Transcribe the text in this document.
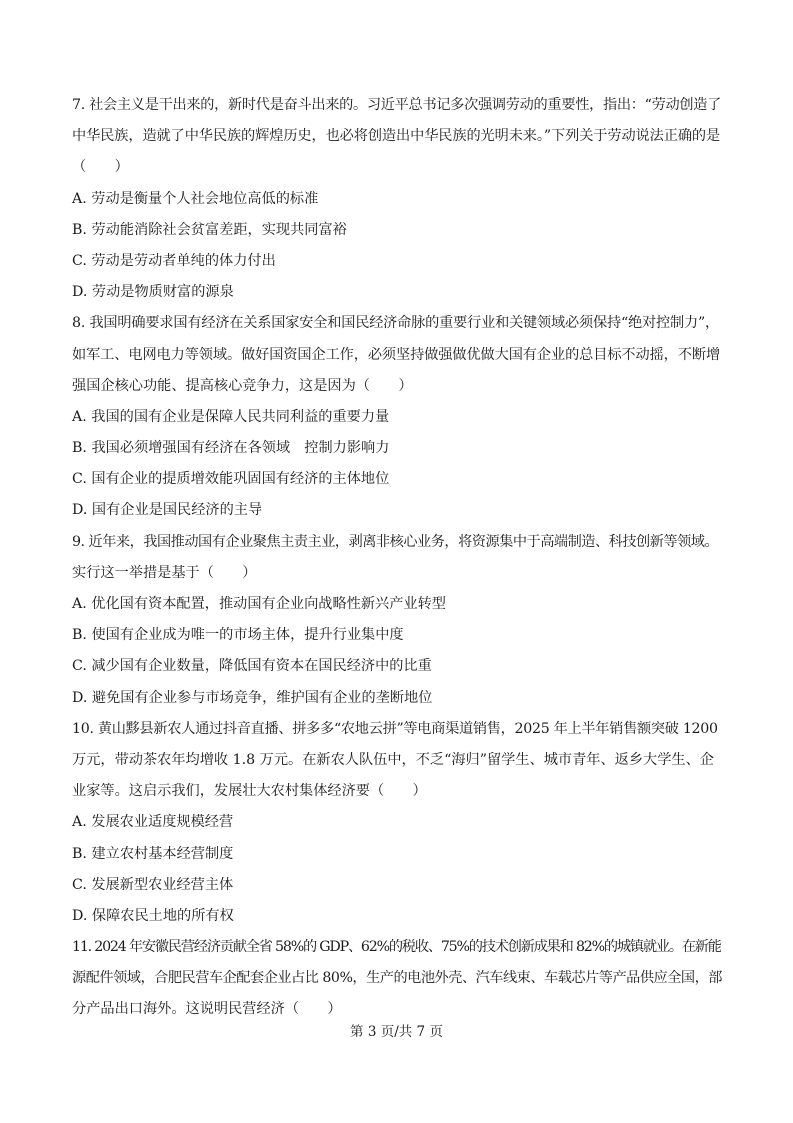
7. 社会主义是干出来的，新时代是奋斗出来的。习近平总书记多次强调劳动的重要性，指出：“劳动创造了
中华民族，造就了中华民族的辉煌历史，也必将创造出中华民族的光明未来。”下列关于劳动说法正确的是
（　　）
A. 劳动是衡量个人社会地位高低的标准
B. 劳动能消除社会贫富差距，实现共同富裕
C. 劳动是劳动者单纯的体力付出
D. 劳动是物质财富的源泉
8. 我国明确要求国有经济在关系国家安全和国民经济命脉的重要行业和关键领域必须保持“绝对控制力”，
如军工、电网电力等领域。做好国资国企工作，必须坚持做强做优做大国有企业的总目标不动摇，不断增
强国企核心功能、提高核心竞争力，这是因为（　　）
A. 我国的国有企业是保障人民共同利益的重要力量
B. 我国必须增强国有经济在各领域　控制力影响力
C. 国有企业的提质增效能巩固国有经济的主体地位
D. 国有企业是国民经济的主导
9. 近年来，我国推动国有企业聚焦主责主业，剥离非核心业务，将资源集中于高端制造、科技创新等领域。
实行这一举措是基于（　　）
A. 优化国有资本配置，推动国有企业向战略性新兴产业转型
B. 使国有企业成为唯一的市场主体，提升行业集中度
C. 减少国有企业数量，降低国有资本在国民经济中的比重
D. 避免国有企业参与市场竞争，维护国有企业的垄断地位
10. 黄山黟县新农人通过抖音直播、拼多多“农地云拼”等电商渠道销售，2025 年上半年销售额突破 1200
万元，带动茶农年均增收 1.8 万元。在新农人队伍中，不乏“海归”留学生、城市青年、返乡大学生、企
业家等。这启示我们，发展壮大农村集体经济要（　　）
A. 发展农业适度规模经营
B. 建立农村基本经营制度
C. 发展新型农业经营主体
D. 保障农民土地的所有权
11. 2024 年安徽民营经济贡献全省 58%的 GDP、62%的税收、75%的技术创新成果和 82%的城镇就业。在新能
源配件领域，合肥民营车企配套企业占比 80%，生产的电池外壳、汽车线束、车载芯片等产品供应全国，部
分产品出口海外。这说明民营经济（　　）
第 3 页/共 7 页
